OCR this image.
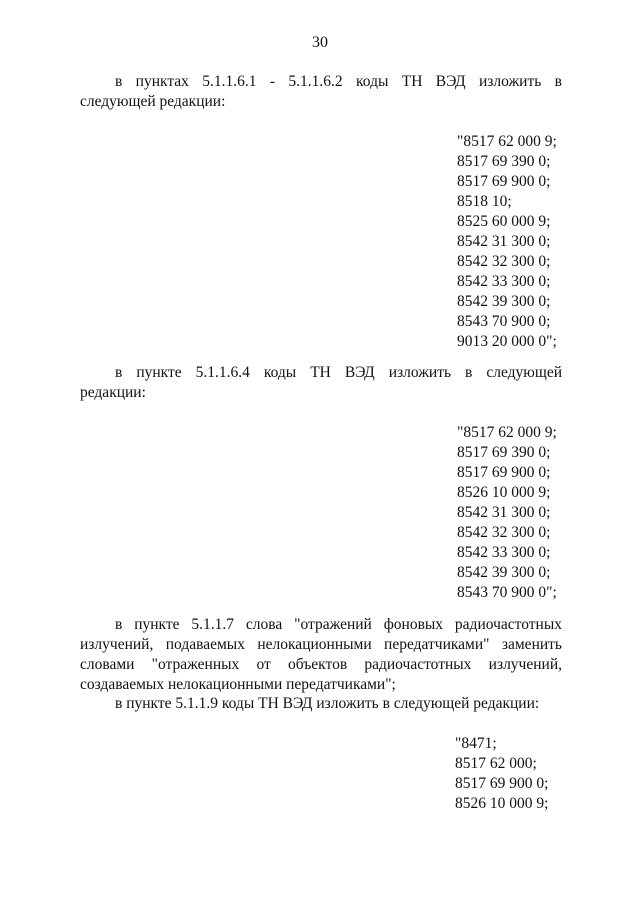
30
в пунктах 5.1.1.6.1 - 5.1.1.6.2 коды ТН ВЭД изложить в
следующей редакции:
"8517 62 000 9;
8517 69 390 0;
8517 69 900 0;
8518 10;
8525 60 000 9;
8542 31 300 0;
8542 32 300 0;
8542 33 300 0;
8542 39 300 0;
8543 70 900 0;
9013 20 000 0";
в пункте 5.1.1.6.4 коды ТН ВЭД изложить в следующей
редакции:
"8517 62 000 9;
8517 69 390 0;
8517 69 900 0;
8526 10 000 9;
8542 31 300 0;
8542 32 300 0;
8542 33 300 0;
8542 39 300 0;
8543 70 900 0";
в пункте 5.1.1.7 слова "отражений фоновых радиочастотных
излучений, подаваемых нелокационными передатчиками" заменить
словами "отраженных от объектов радиочастотных излучений,
создаваемых нелокационными передатчиками";
в пункте 5.1.1.9 коды ТН ВЭД изложить в следующей редакции:
"8471;
8517 62 000;
8517 69 900 0;
8526 10 000 9;
